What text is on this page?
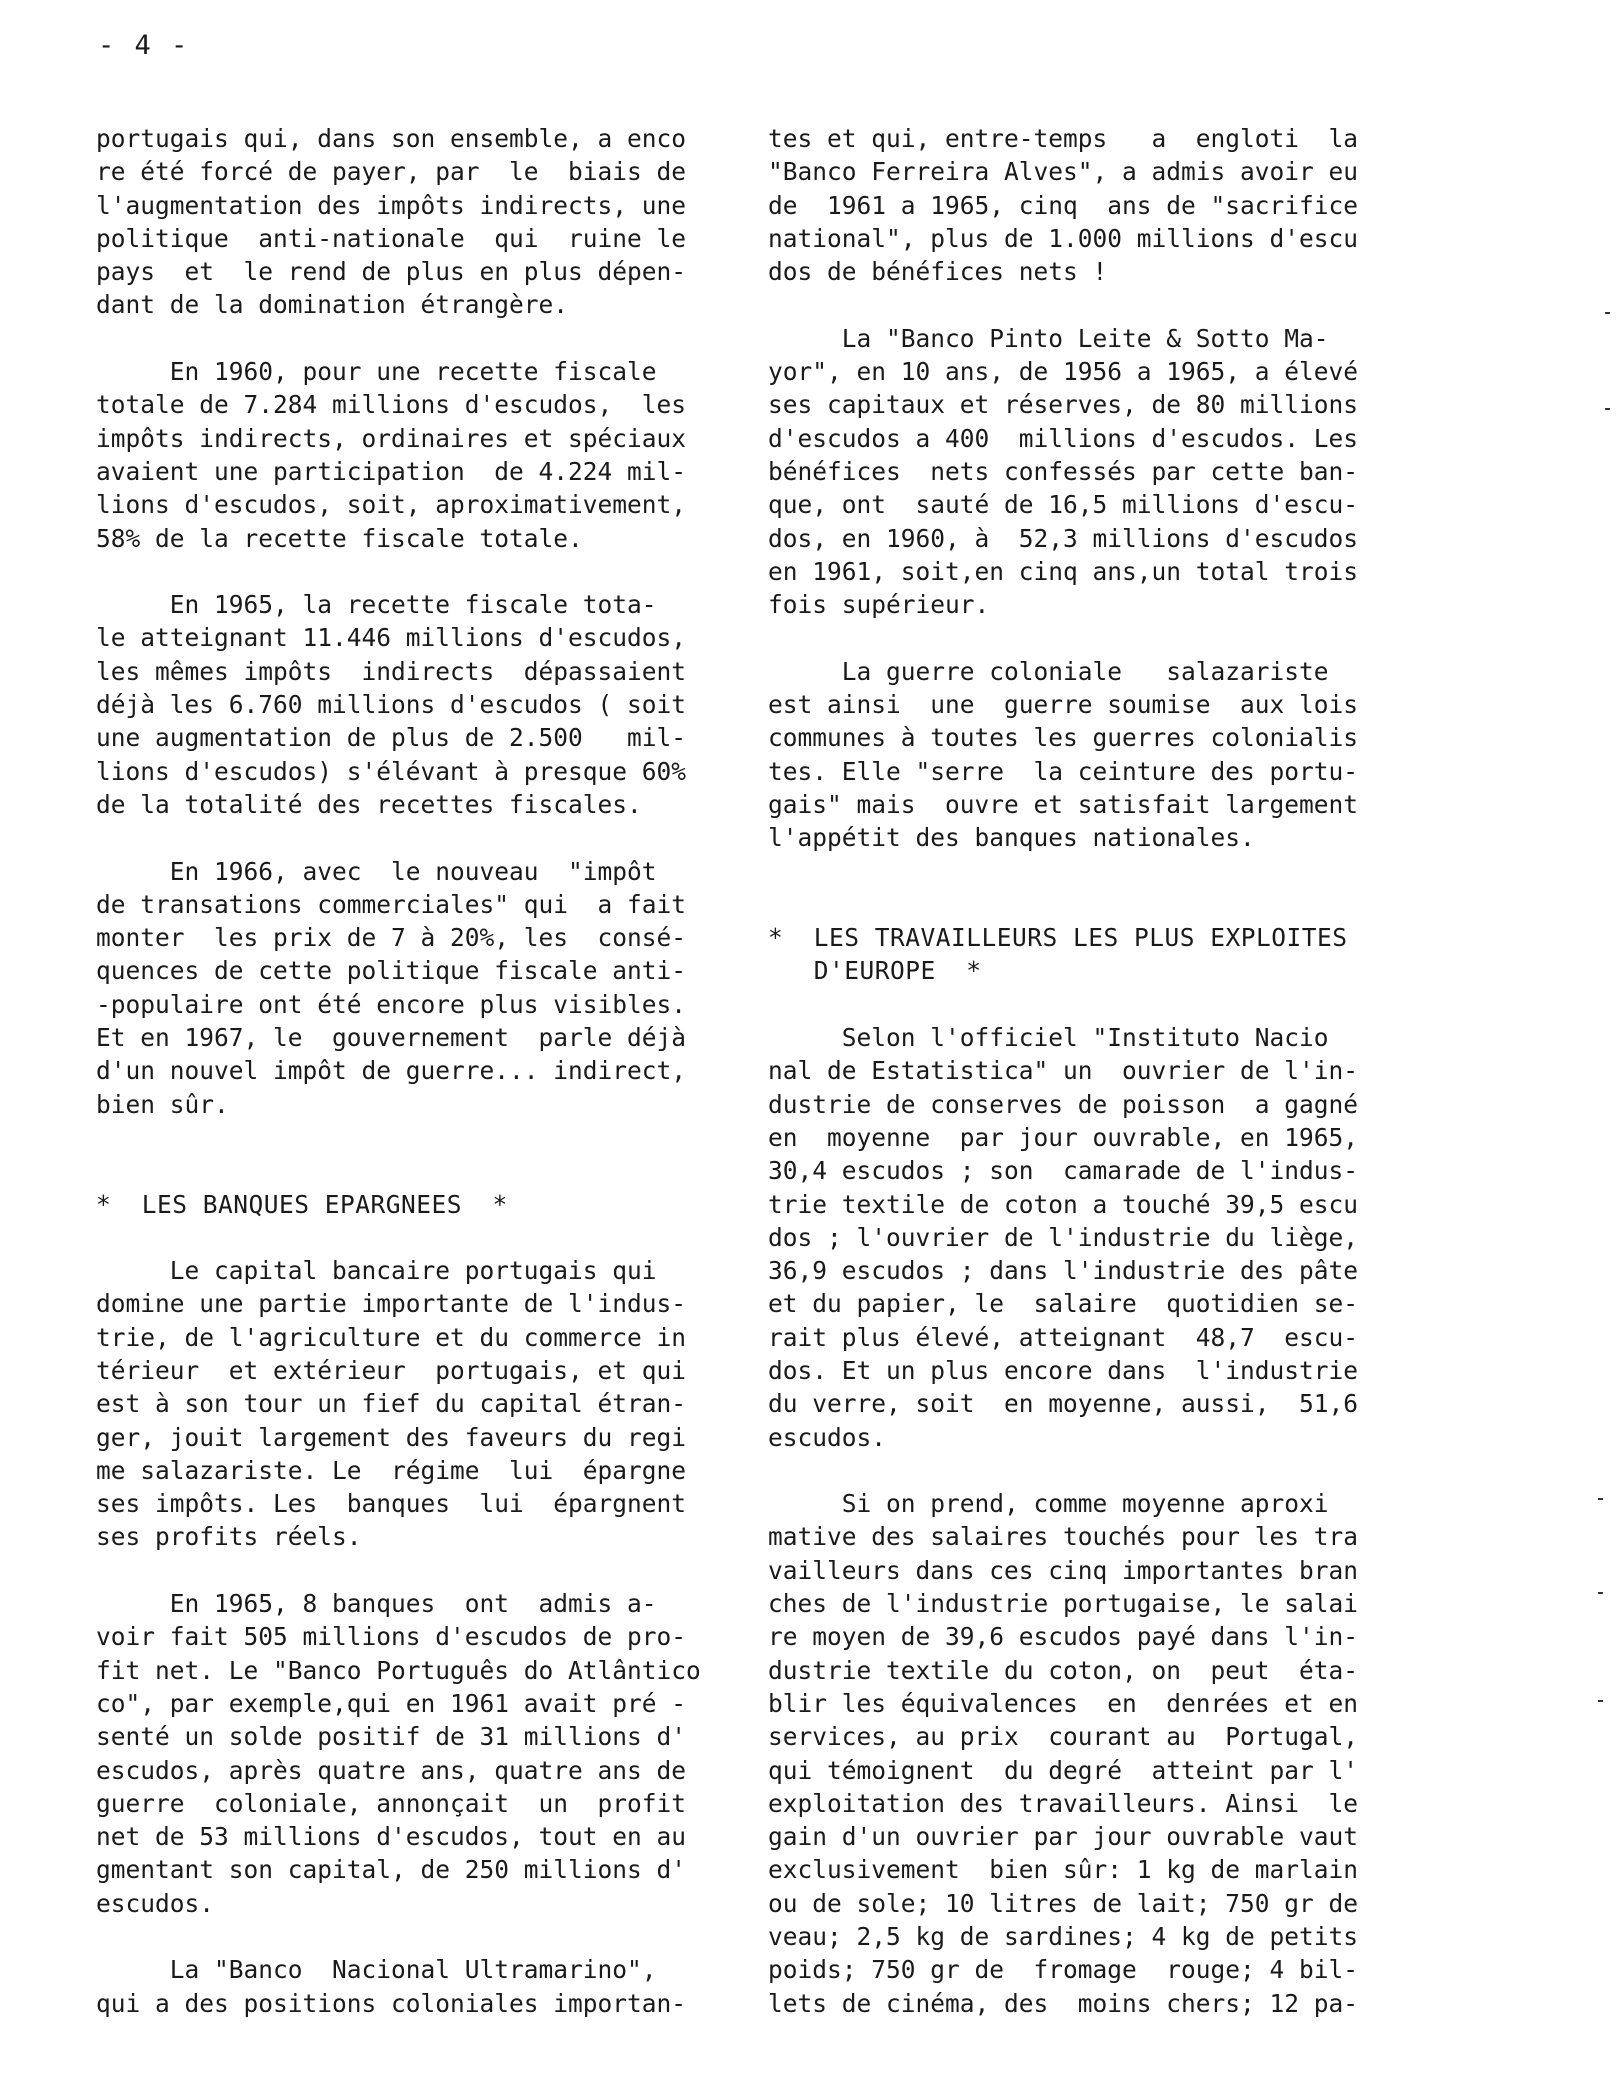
- 4 -
portugais qui, dans son ensemble, a enco
re été forcé de payer, par  le  biais de
l'augmentation des impôts indirects, une
politique  anti-nationale  qui  ruine le
pays  et  le rend de plus en plus dépen-
dant de la domination étrangère.
En 1960, pour une recette fiscale
totale de 7.284 millions d'escudos,  les
impôts indirects, ordinaires et spéciaux
avaient une participation  de 4.224 mil-
lions d'escudos, soit, aproximativement,
58% de la recette fiscale totale.
En 1965, la recette fiscale tota-
le atteignant 11.446 millions d'escudos,
les mêmes impôts  indirects  dépassaient
déjà les 6.760 millions d'escudos ( soit
une augmentation de plus de 2.500   mil-
lions d'escudos) s'élévant à presque 60%
de la totalité des recettes fiscales.
En 1966, avec  le nouveau  "impôt
de transations commerciales" qui  a fait
monter  les prix de 7 à 20%, les  consé-
quences de cette politique fiscale anti-
-populaire ont été encore plus visibles.
Et en 1967, le  gouvernement  parle déjà
d'un nouvel impôt de guerre... indirect,
bien sûr.
*  LES BANQUES EPARGNEES  *
Le capital bancaire portugais qui
domine une partie importante de l'indus-
trie, de l'agriculture et du commerce in
térieur  et extérieur  portugais, et qui
est à son tour un fief du capital étran-
ger, jouit largement des faveurs du regi
me salazariste. Le  régime  lui  épargne
ses impôts. Les  banques  lui  épargnent
ses profits réels.
En 1965, 8 banques  ont  admis a-
voir fait 505 millions d'escudos de pro-
fit net. Le "Banco Português do Atlântico
co", par exemple,qui en 1961 avait pré -
senté un solde positif de 31 millions d'
escudos, après quatre ans, quatre ans de
guerre  coloniale, annonçait  un  profit
net de 53 millions d'escudos, tout en au
gmentant son capital, de 250 millions d'
escudos.
La "Banco  Nacional Ultramarino",
qui a des positions coloniales importan-
tes et qui, entre-temps   a  engloti  la
"Banco Ferreira Alves", a admis avoir eu
de  1961 a 1965, cinq  ans de "sacrifice
national", plus de 1.000 millions d'escu
dos de bénéfices nets !
La "Banco Pinto Leite & Sotto Ma-
yor", en 10 ans, de 1956 a 1965, a élevé
ses capitaux et réserves, de 80 millions
d'escudos a 400  millions d'escudos. Les
bénéfices  nets confessés par cette ban-
que, ont  sauté de 16,5 millions d'escu-
dos, en 1960, à  52,3 millions d'escudos
en 1961, soit,en cinq ans,un total trois
fois supérieur.
La guerre coloniale   salazariste
est ainsi  une  guerre soumise  aux lois
communes à toutes les guerres colonialis
tes. Elle "serre  la ceinture des portu-
gais" mais  ouvre et satisfait largement
l'appétit des banques nationales.
*  LES TRAVAILLEURS LES PLUS EXPLOITES
D'EUROPE  *
Selon l'officiel "Instituto Nacio
nal de Estatistica" un  ouvrier de l'in-
dustrie de conserves de poisson  a gagné
en  moyenne  par jour ouvrable, en 1965,
30,4 escudos ; son  camarade de l'indus-
trie textile de coton a touché 39,5 escu
dos ; l'ouvrier de l'industrie du liège,
36,9 escudos ; dans l'industrie des pâte
et du papier, le  salaire  quotidien se-
rait plus élevé, atteignant  48,7  escu-
dos. Et un plus encore dans  l'industrie
du verre, soit  en moyenne, aussi,  51,6
escudos.
Si on prend, comme moyenne aproxi
mative des salaires touchés pour les tra
vailleurs dans ces cinq importantes bran
ches de l'industrie portugaise, le salai
re moyen de 39,6 escudos payé dans l'in-
dustrie textile du coton, on  peut  éta-
blir les équivalences  en  denrées et en
services, au prix  courant au  Portugal,
qui témoignent  du degré  atteint par l'
exploitation des travailleurs. Ainsi  le
gain d'un ouvrier par jour ouvrable vaut
exclusivement  bien sûr: 1 kg de marlain
ou de sole; 10 litres de lait; 750 gr de
veau; 2,5 kg de sardines; 4 kg de petits
poids; 750 gr de  fromage  rouge; 4 bil-
lets de cinéma, des  moins chers; 12 pa-
